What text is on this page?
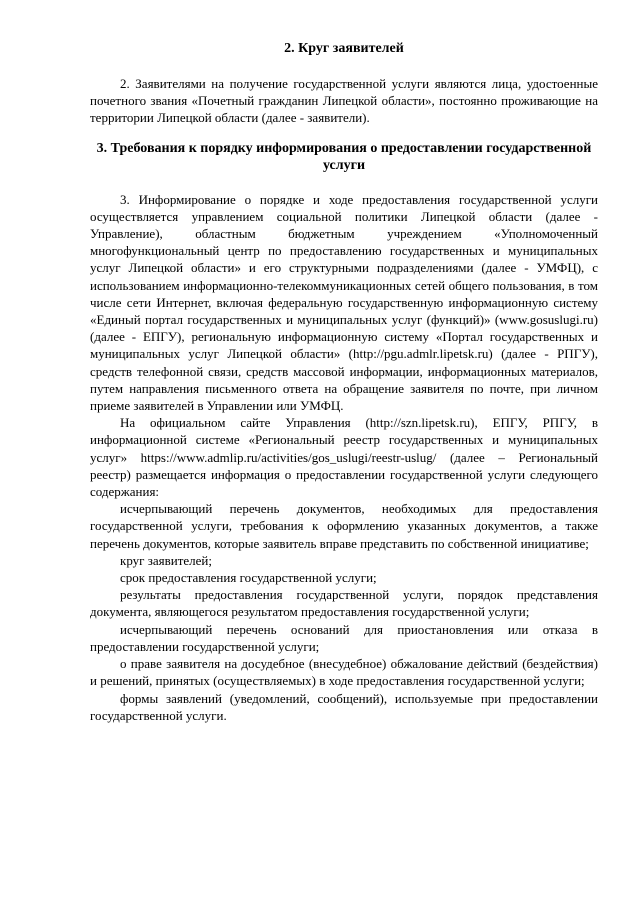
2. Круг заявителей

2. Заявителями на получение государственной услуги являются лица, удостоенные почетного звания «Почетный гражданин Липецкой области», постоянно проживающие на территории Липецкой области (далее - заявители).

3. Требования к порядку информирования о предоставлении государственной услуги

3. Информирование о порядке и ходе предоставления государственной услуги осуществляется управлением социальной политики Липецкой области (далее - Управление), областным бюджетным учреждением «Уполномоченный многофункциональный центр по предоставлению государственных и муниципальных услуг Липецкой области» и его структурными подразделениями (далее - УМФЦ), с использованием информационно-телекоммуникационных сетей общего пользования, в том числе сети Интернет, включая федеральную государственную информационную систему «Единый портал государственных и муниципальных услуг (функций)» (www.gosuslugi.ru) (далее - ЕПГУ), региональную информационную систему «Портал государственных и муниципальных услуг Липецкой области» (http://pgu.admlr.lipetsk.ru) (далее - РПГУ), средств телефонной связи, средств массовой информации, информационных материалов, путем направления письменного ответа на обращение заявителя по почте, при личном приеме заявителей в Управлении или УМФЦ.

На официальном сайте Управления (http://szn.lipetsk.ru), ЕПГУ, РПГУ, в информационной системе «Региональный реестр государственных и муниципальных услуг» https://www.admlip.ru/activities/gos_uslugi/reestr-uslug/ (далее – Региональный реестр) размещается информация о предоставлении государственной услуги следующего содержания:

исчерпывающий перечень документов, необходимых для предоставления государственной услуги, требования к оформлению указанных документов, а также перечень документов, которые заявитель вправе представить по собственной инициативе;

круг заявителей;

срок предоставления государственной услуги;

результаты предоставления государственной услуги, порядок представления документа, являющегося результатом предоставления государственной услуги;

исчерпывающий перечень оснований для приостановления или отказа в предоставлении государственной услуги;

о праве заявителя на досудебное (внесудебное) обжалование действий (бездействия) и решений, принятых (осуществляемых) в ходе предоставления государственной услуги;

формы заявлений (уведомлений, сообщений), используемые при предоставлении государственной услуги.
